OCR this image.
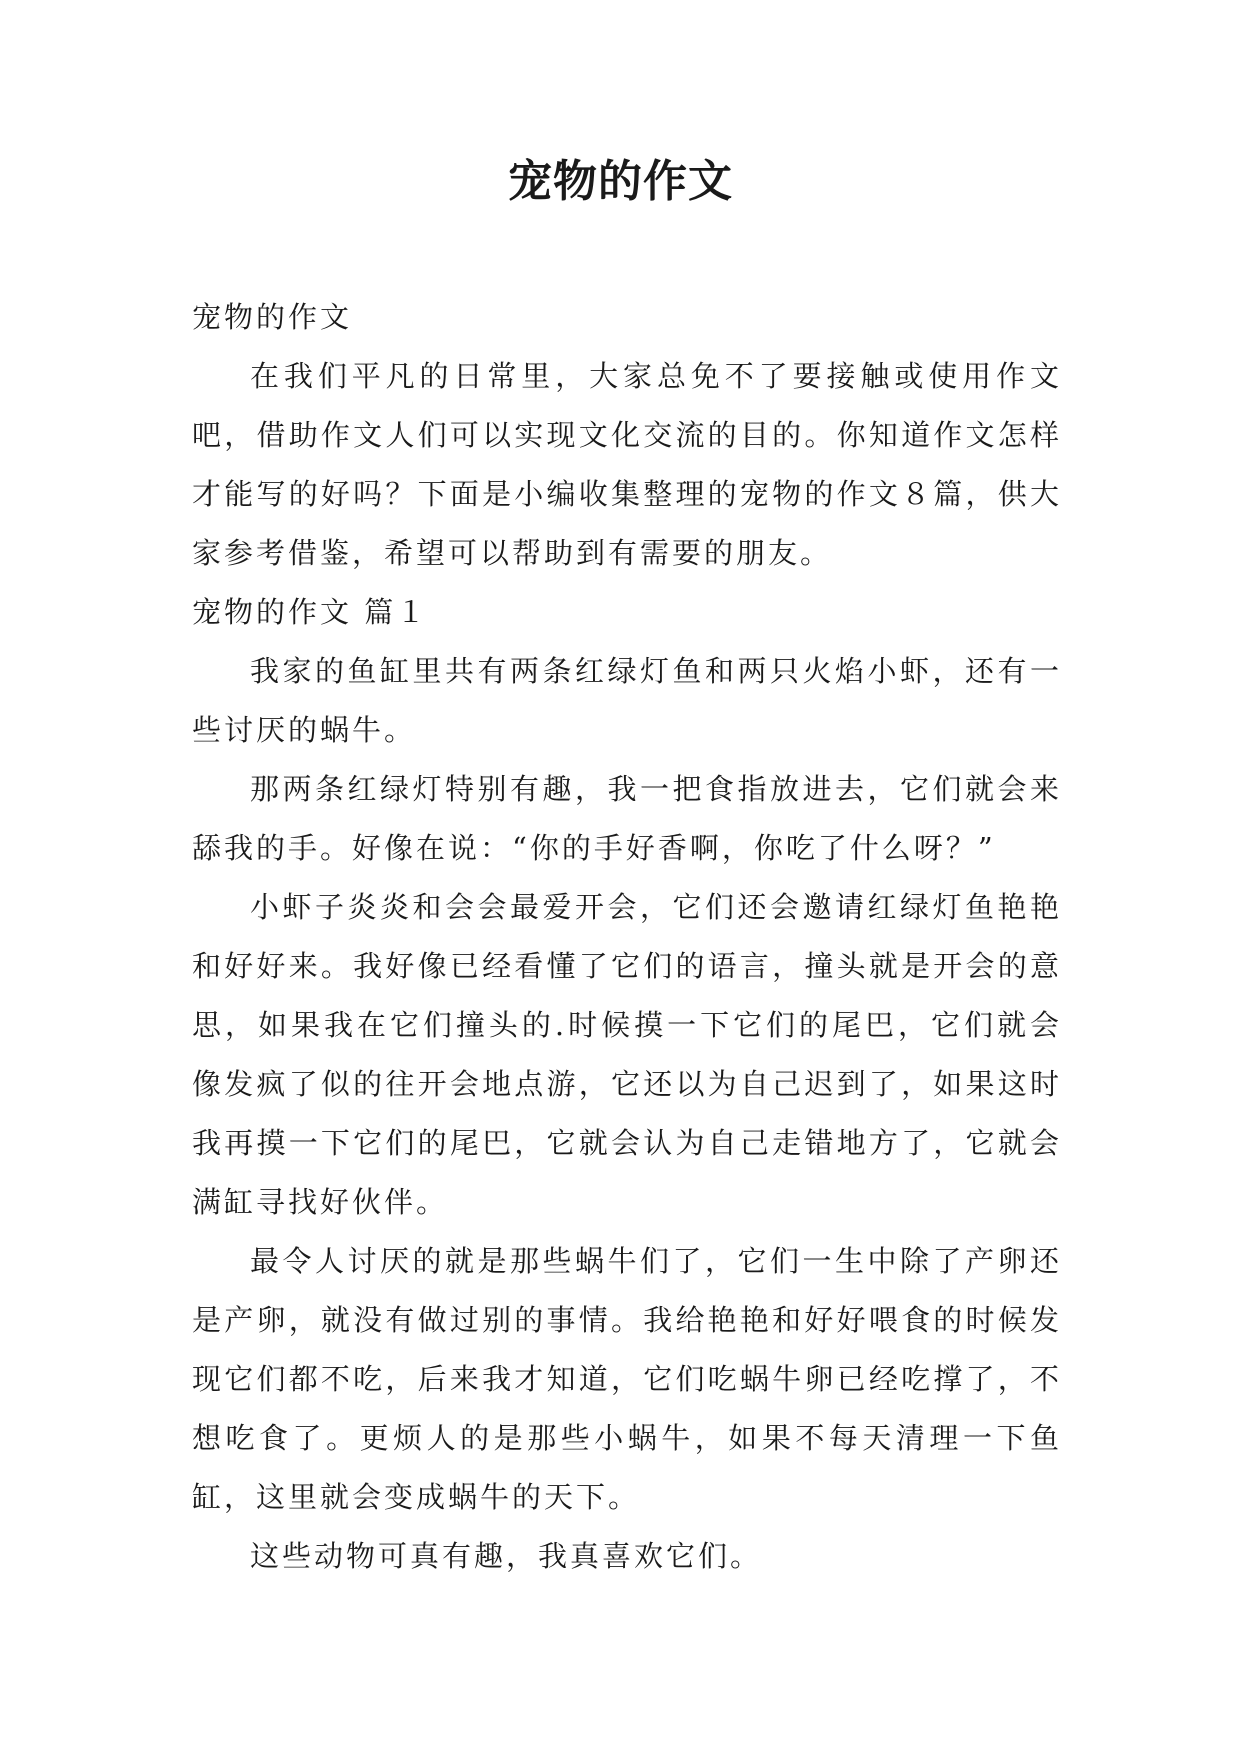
宠物的作文

宠物的作文

在我们平凡的日常里，大家总免不了要接触或使用作文吧，借助作文人们可以实现文化交流的目的。你知道作文怎样才能写的好吗？下面是小编收集整理的宠物的作文８篇，供大家参考借鉴，希望可以帮助到有需要的朋友。

宠物的作文 篇１

我家的鱼缸里共有两条红绿灯鱼和两只火焰小虾，还有一些讨厌的蜗牛。

那两条红绿灯特别有趣，我一把食指放进去，它们就会来舔我的手。好像在说：“你的手好香啊，你吃了什么呀？”

小虾子炎炎和会会最爱开会，它们还会邀请红绿灯鱼艳艳和好好来。我好像已经看懂了它们的语言，撞头就是开会的意思，如果我在它们撞头的.时候摸一下它们的尾巴，它们就会像发疯了似的往开会地点游，它还以为自己迟到了，如果这时我再摸一下它们的尾巴，它就会认为自己走错地方了，它就会满缸寻找好伙伴。

最令人讨厌的就是那些蜗牛们了，它们一生中除了产卵还是产卵，就没有做过别的事情。我给艳艳和好好喂食的时候发现它们都不吃，后来我才知道，它们吃蜗牛卵已经吃撑了，不想吃食了。更烦人的是那些小蜗牛，如果不每天清理一下鱼缸，这里就会变成蜗牛的天下。

这些动物可真有趣，我真喜欢它们。
